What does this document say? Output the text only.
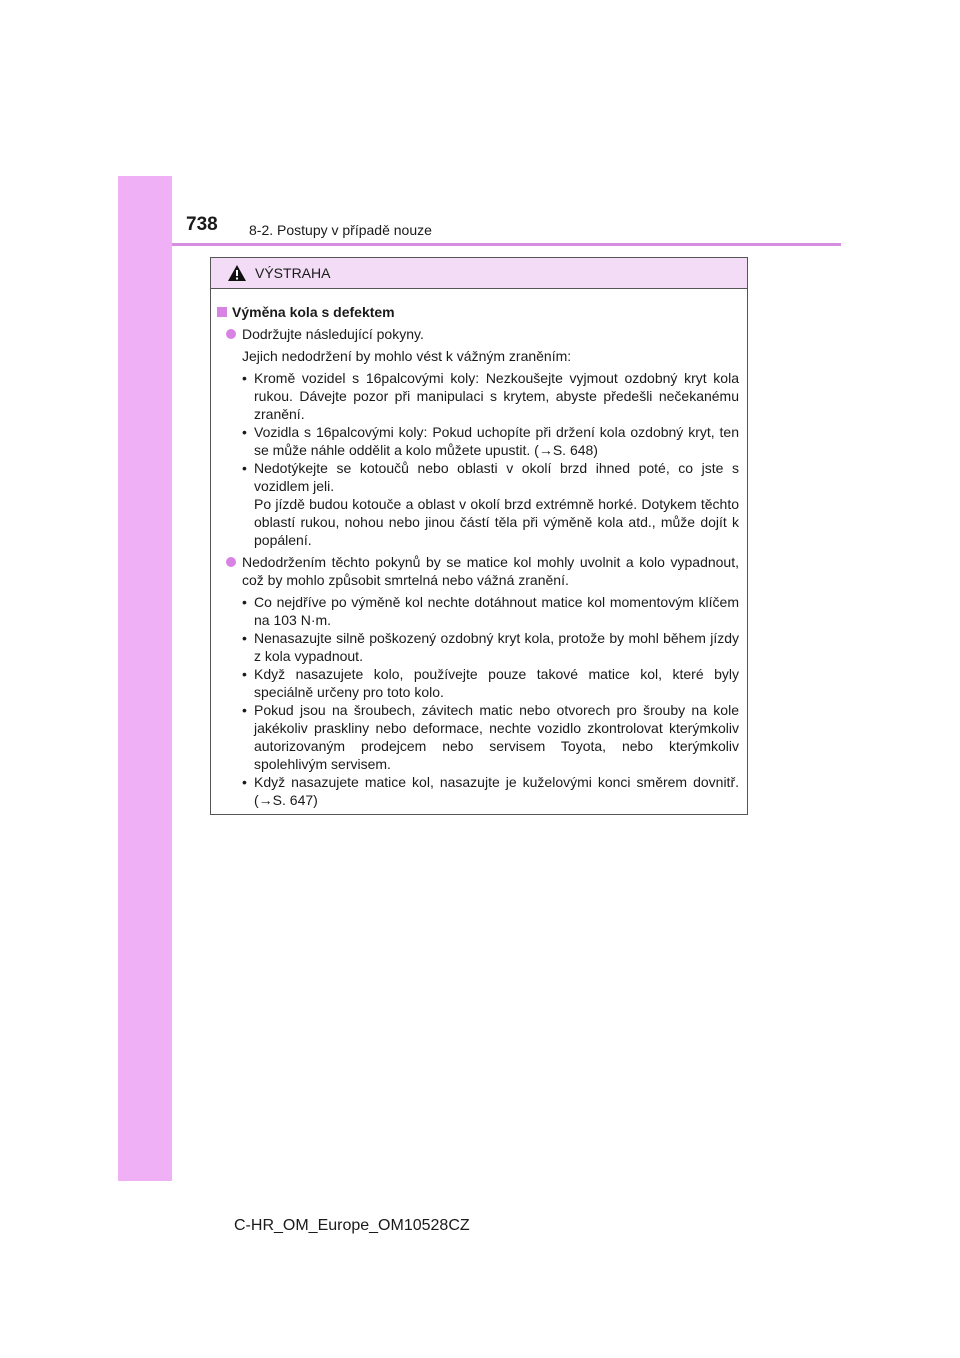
738 8-2. Postupy v případě nouze
VÝSTRAHA
Výměna kola s defektem
Dodržujte následující pokyny.
Jejich nedodržení by mohlo vést k vážným zraněním:
• Kromě vozidel s 16palcovými koly: Nezkoušejte vyjmout ozdobný kryt kola rukou. Dávejte pozor při manipulaci s krytem, abyste předešli nečekanému zranění.
• Vozidla s 16palcovými koly: Pokud uchopíte při držení kola ozdobný kryt, ten se může náhle oddělit a kolo můžete upustit. (→S. 648)
• Nedotýkejte se kotoučů nebo oblasti v okolí brzd ihned poté, co jste s vozidlem jeli.
Po jízdě budou kotouče a oblast v okolí brzd extrémně horké. Dotykem těchto oblastí rukou, nohou nebo jinou částí těla při výměně kola atd., může dojít k popálení.
Nedodržením těchto pokynů by se matice kol mohly uvolnit a kolo vypadnout, což by mohlo způsobit smrtelná nebo vážná zranění.
• Co nejdříve po výměně kol nechte dotáhnout matice kol momentovým klíčem na 103 N·m.
• Nenasazujte silně poškozený ozdobný kryt kola, protože by mohl během jízdy z kola vypadnout.
• Když nasazujete kolo, používejte pouze takové matice kol, které byly speciálně určeny pro toto kolo.
• Pokud jsou na šroubech, závitech matic nebo otvorech pro šrouby na kole jakékoliv praskliny nebo deformace, nechte vozidlo zkontrolovat kterýmkoliv autorizovaným prodejcem nebo servisem Toyota, nebo kterýmkoliv spolehlivým servisem.
• Když nasazujete matice kol, nasazujte je kuželovými konci směrem dovnitř. (→S. 647)
C-HR_OM_Europe_OM10528CZ
